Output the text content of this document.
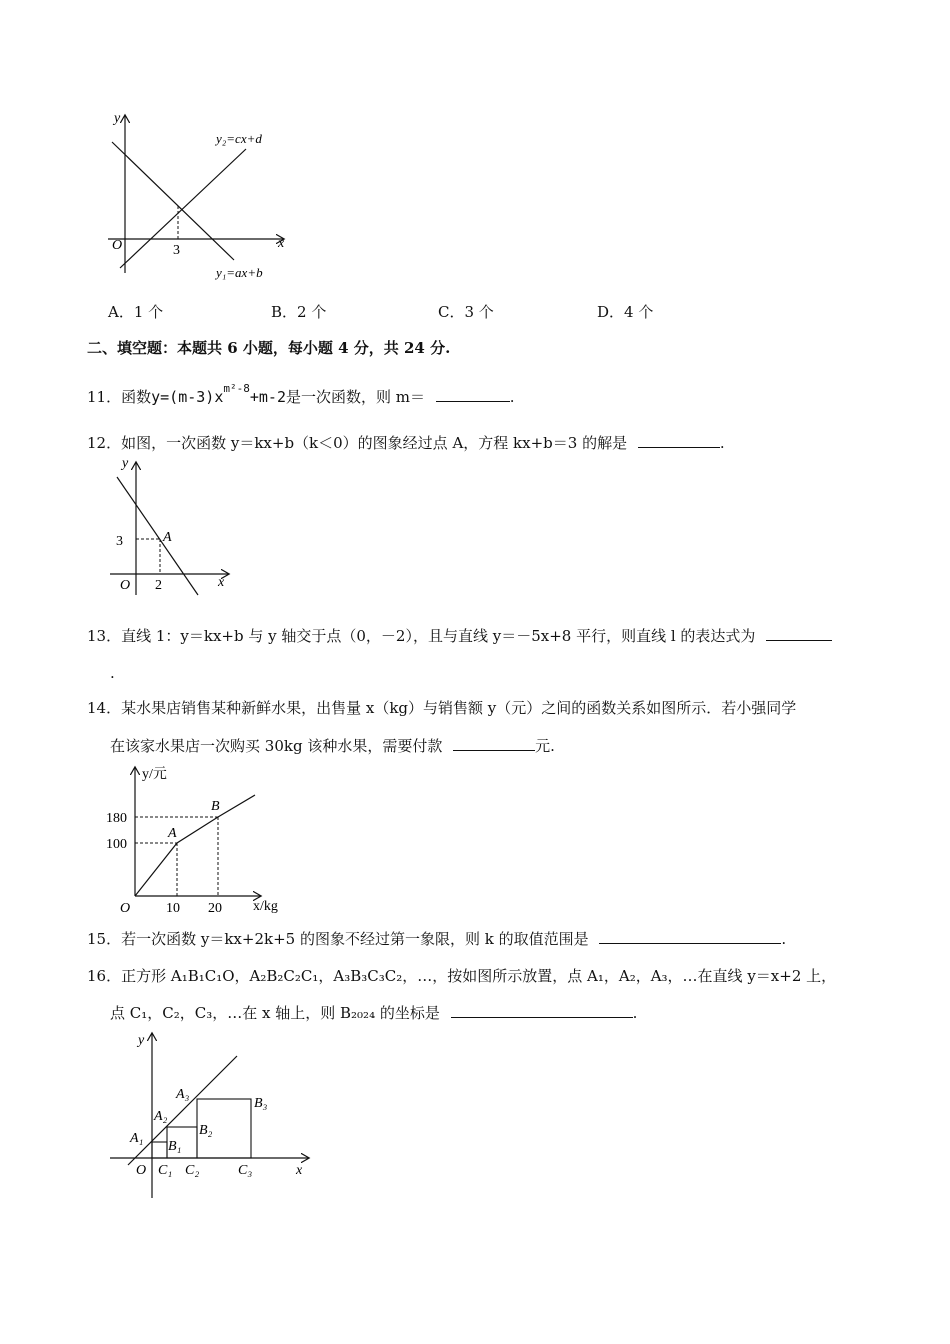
y
x
O	3
y₂=cx+d
y₁=ax+b
A．1 个	B．2 个	C．3 个	D．4 个
二、填空题：本题共 6 小题，每小题 4 分，共 24 分.
11．函数$y=(m-3)x^{m^2-8}+m-2$是一次函数，则 m＝	.
12．如图，一次函数 y＝kx+b（k＜0）的图象经过点 A，方程 kx+b＝3 的解是	.
y
x
O
3
2
A
13．直线 1：y＝kx+b 与 y 轴交于点（0，－2），且与直线 y＝－5x+8 平行，则直线 l 的表达式为
.
14．某水果店销售某种新鲜水果，出售量 x（kg）与销售额 y（元）之间的函数关系如图所示．若小强同学
在该家水果店一次购买 30kg 该种水果，需要付款	元.
y/元
x/kg
O
180
100
10 20
A
B
15．若一次函数 y＝kx+2k+5 的图象不经过第一象限，则 k 的取值范围是	.
16．正方形 A₁B₁C₁O，A₂B₂C₂C₁，A₃B₃C₃C₂，…，按如图所示放置，点 A₁，A₂，A₃，…在直线 y＝x+2 上，
点 C₁，C₂，C₃，…在 x 轴上，则 B₂₀₂₄ 的坐标是	.
y
x
O
A₁
A₂
A₃
B₁
B₂
B₃
C₁ C₂	C₃
